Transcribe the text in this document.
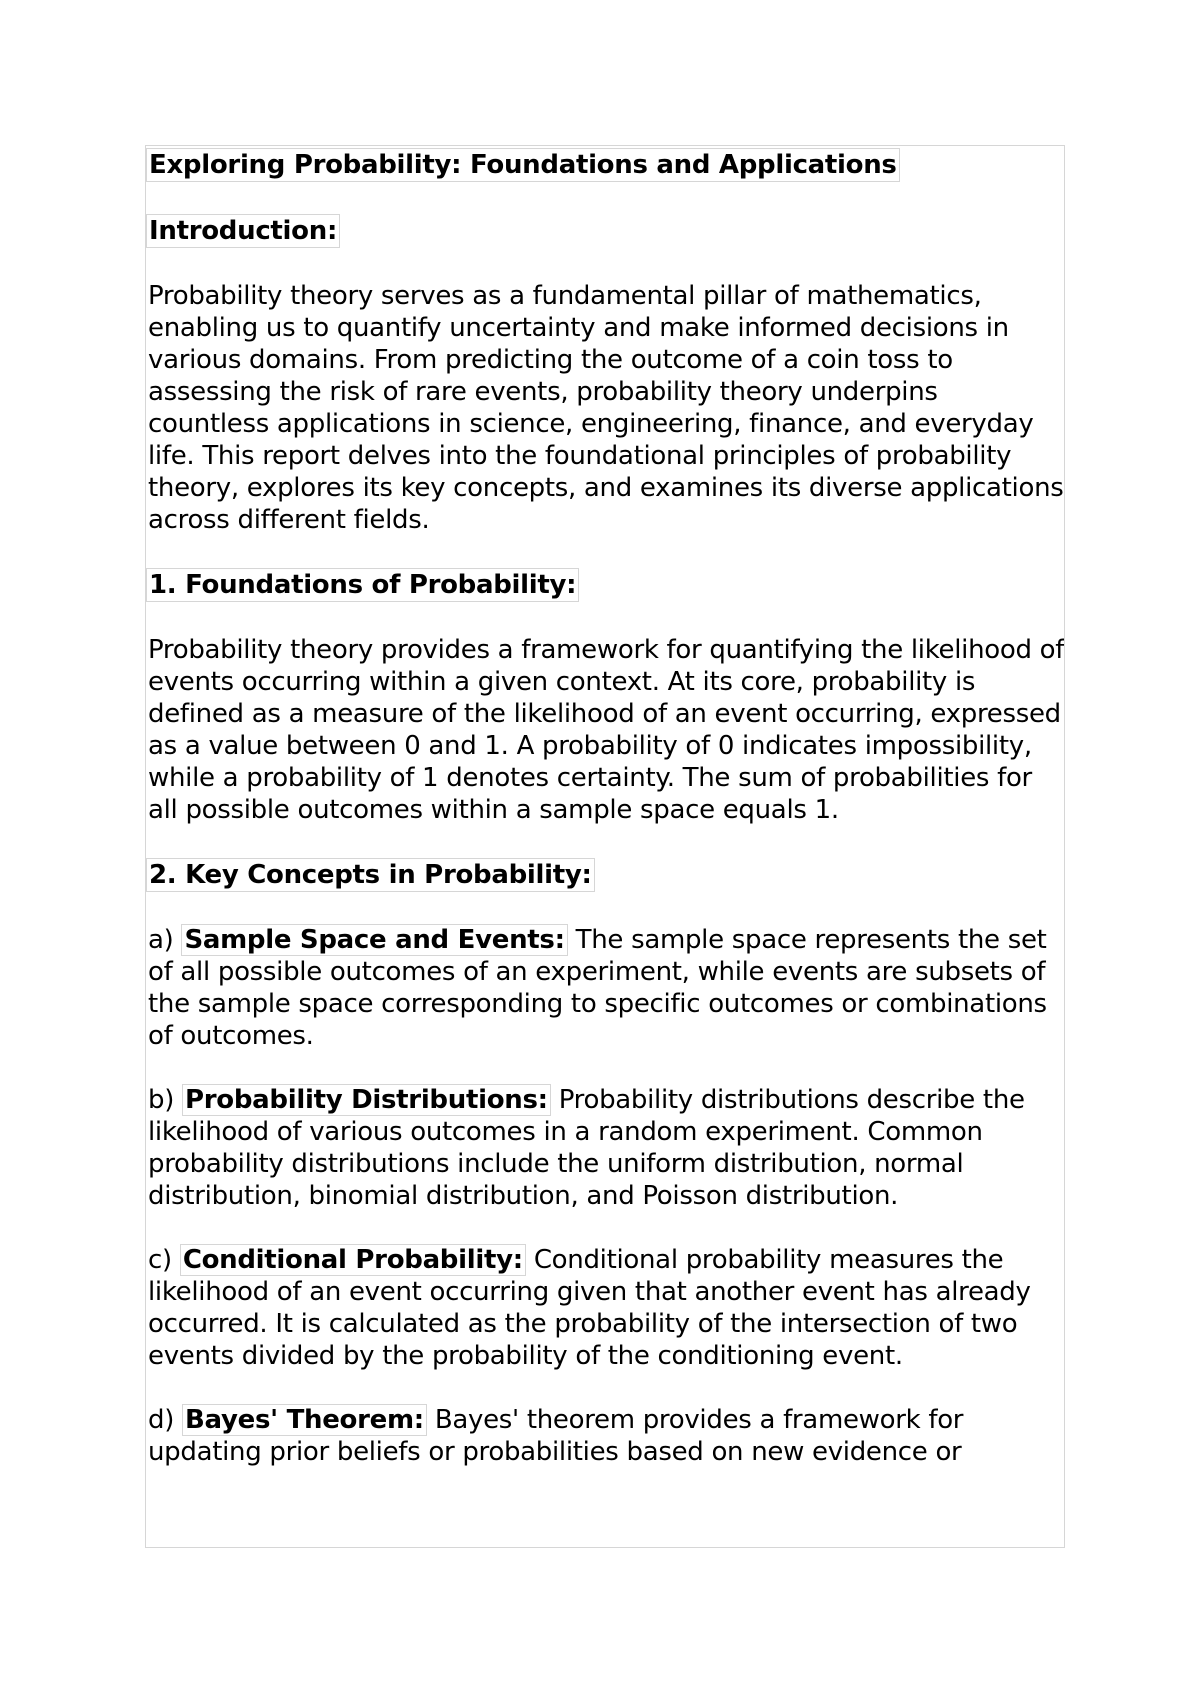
Exploring Probability: Foundations and Applications
Introduction:
Probability theory serves as a fundamental pillar of mathematics, enabling us to quantify uncertainty and make informed decisions in various domains. From predicting the outcome of a coin toss to assessing the risk of rare events, probability theory underpins countless applications in science, engineering, finance, and everyday life. This report delves into the foundational principles of probability theory, explores its key concepts, and examines its diverse applications across different fields.
1. Foundations of Probability:
Probability theory provides a framework for quantifying the likelihood of events occurring within a given context. At its core, probability is defined as a measure of the likelihood of an event occurring, expressed as a value between 0 and 1. A probability of 0 indicates impossibility, while a probability of 1 denotes certainty. The sum of probabilities for all possible outcomes within a sample space equals 1.
2. Key Concepts in Probability:
a) Sample Space and Events: The sample space represents the set of all possible outcomes of an experiment, while events are subsets of the sample space corresponding to specific outcomes or combinations of outcomes.
b) Probability Distributions: Probability distributions describe the likelihood of various outcomes in a random experiment. Common probability distributions include the uniform distribution, normal distribution, binomial distribution, and Poisson distribution.
c) Conditional Probability: Conditional probability measures the likelihood of an event occurring given that another event has already occurred. It is calculated as the probability of the intersection of two events divided by the probability of the conditioning event.
d) Bayes' Theorem: Bayes' theorem provides a framework for updating prior beliefs or probabilities based on new evidence or
